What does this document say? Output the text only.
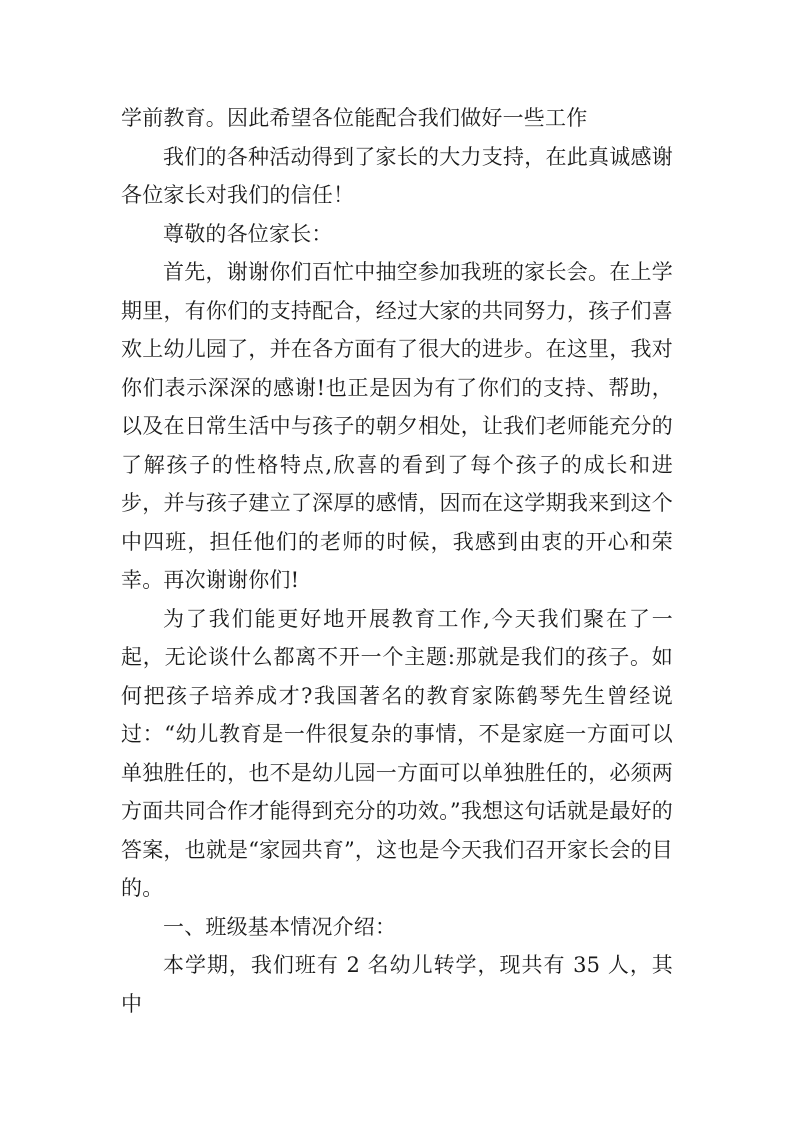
学前教育。因此希望各位能配合我们做好一些工作

我们的各种活动得到了家长的大力支持，在此真诚感谢各位家长对我们的信任！

尊敬的各位家长：

首先，谢谢你们百忙中抽空参加我班的家长会。在上学期里，有你们的支持配合，经过大家的共同努力，孩子们喜欢上幼儿园了，并在各方面有了很大的进步。在这里，我对你们表示深深的感谢!也正是因为有了你们的支持、帮助，以及在日常生活中与孩子的朝夕相处，让我们老师能充分的了解孩子的性格特点,欣喜的看到了每个孩子的成长和进步，并与孩子建立了深厚的感情，因而在这学期我来到这个中四班，担任他们的老师的时候，我感到由衷的开心和荣幸。再次谢谢你们!

为了我们能更好地开展教育工作,今天我们聚在了一起，无论谈什么都离不开一个主题:那就是我们的孩子。如何把孩子培养成才?我国著名的教育家陈鹤琴先生曾经说过：“幼儿教育是一件很复杂的事情，不是家庭一方面可以单独胜任的，也不是幼儿园一方面可以单独胜任的，必须两方面共同合作才能得到充分的功效。”我想这句话就是最好的答案，也就是“家园共育”，这也是今天我们召开家长会的目的。

一、班级基本情况介绍：

本学期，我们班有 2 名幼儿转学，现共有 35 人，其中
